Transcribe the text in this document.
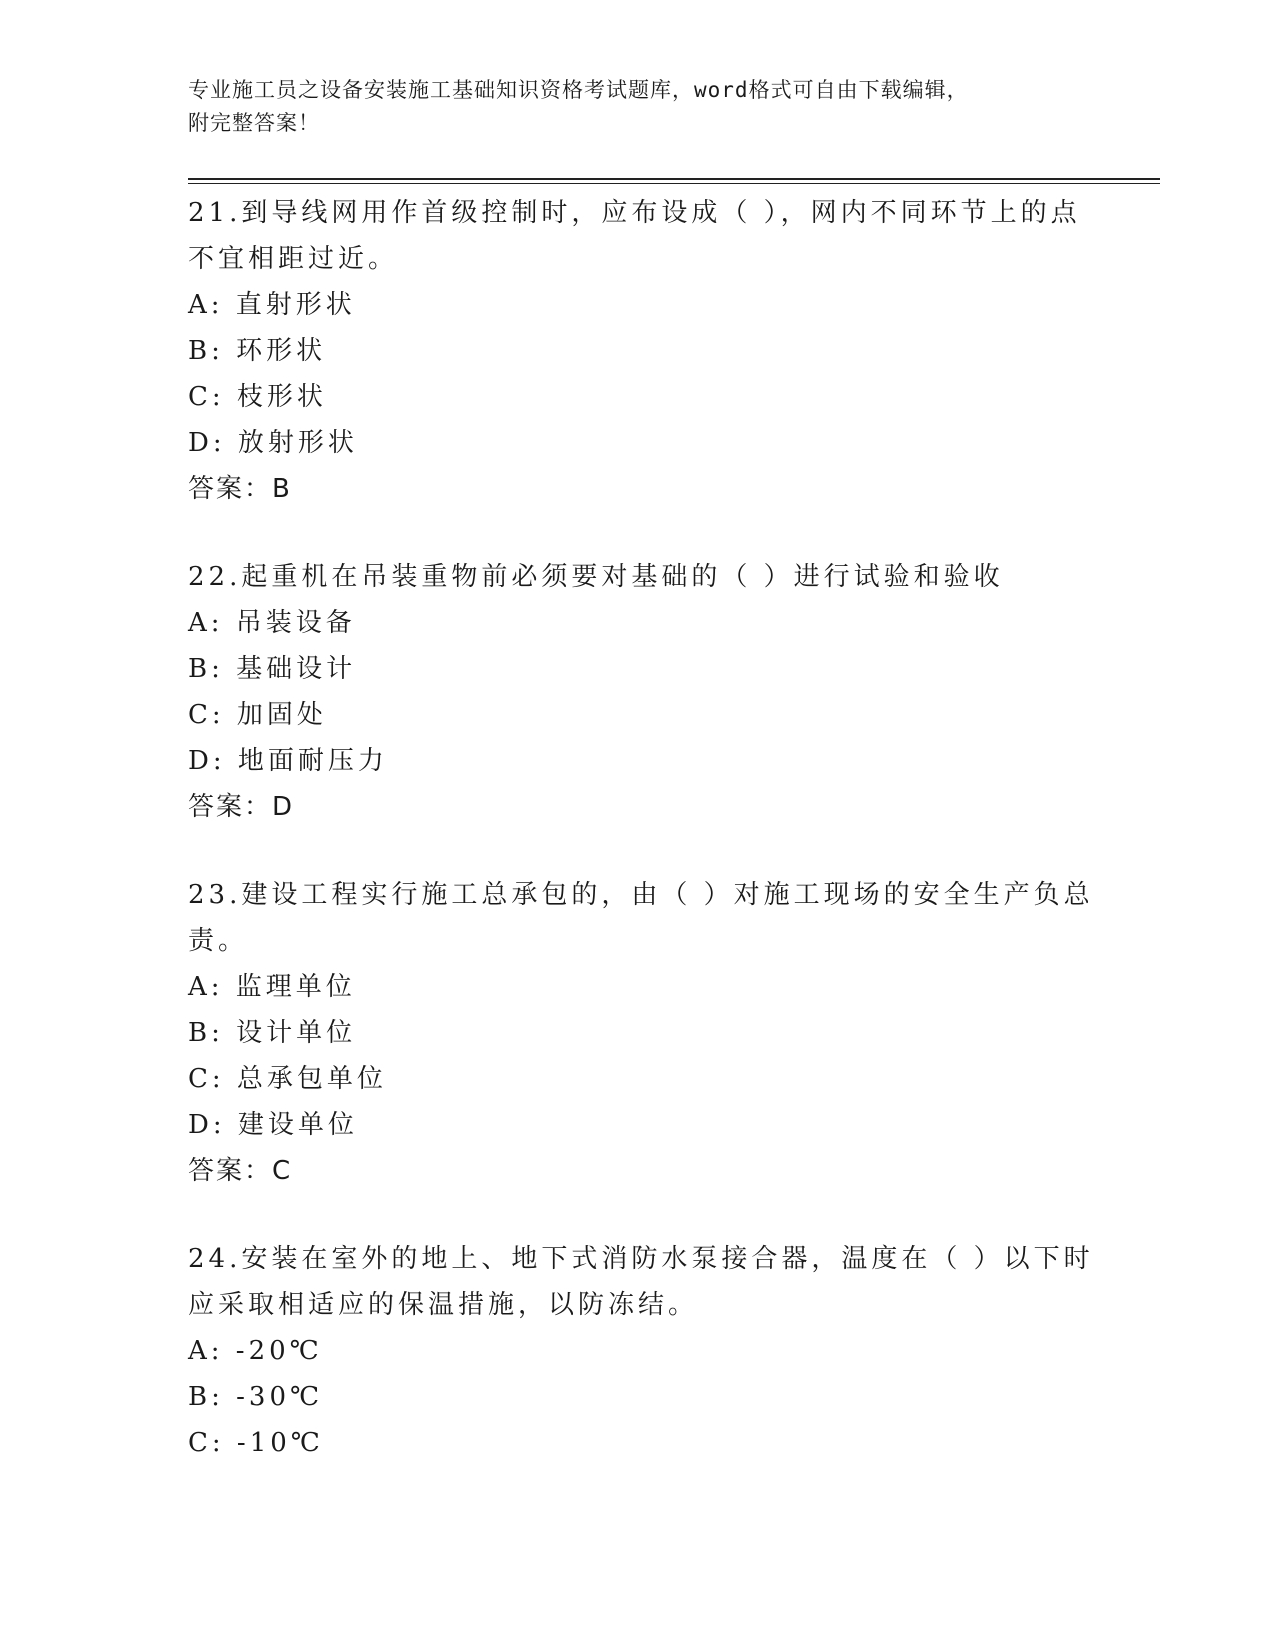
专业施工员之设备安装施工基础知识资格考试题库，word格式可自由下载编辑，
附完整答案！
21.到导线网用作首级控制时，应布设成（ ），网内不同环节上的点
不宜相距过近。
A: 直射形状
B: 环形状
C: 枝形状
D: 放射形状
答案：B
22.起重机在吊装重物前必须要对基础的（ ）进行试验和验收
A: 吊装设备
B: 基础设计
C: 加固处
D: 地面耐压力
答案：D
23.建设工程实行施工总承包的，由（ ）对施工现场的安全生产负总
责。
A: 监理单位
B: 设计单位
C: 总承包单位
D: 建设单位
答案：C
24.安装在室外的地上、地下式消防水泵接合器，温度在（ ）以下时
应采取相适应的保温措施，以防冻结。
A: -20℃
B: -30℃
C: -10℃
